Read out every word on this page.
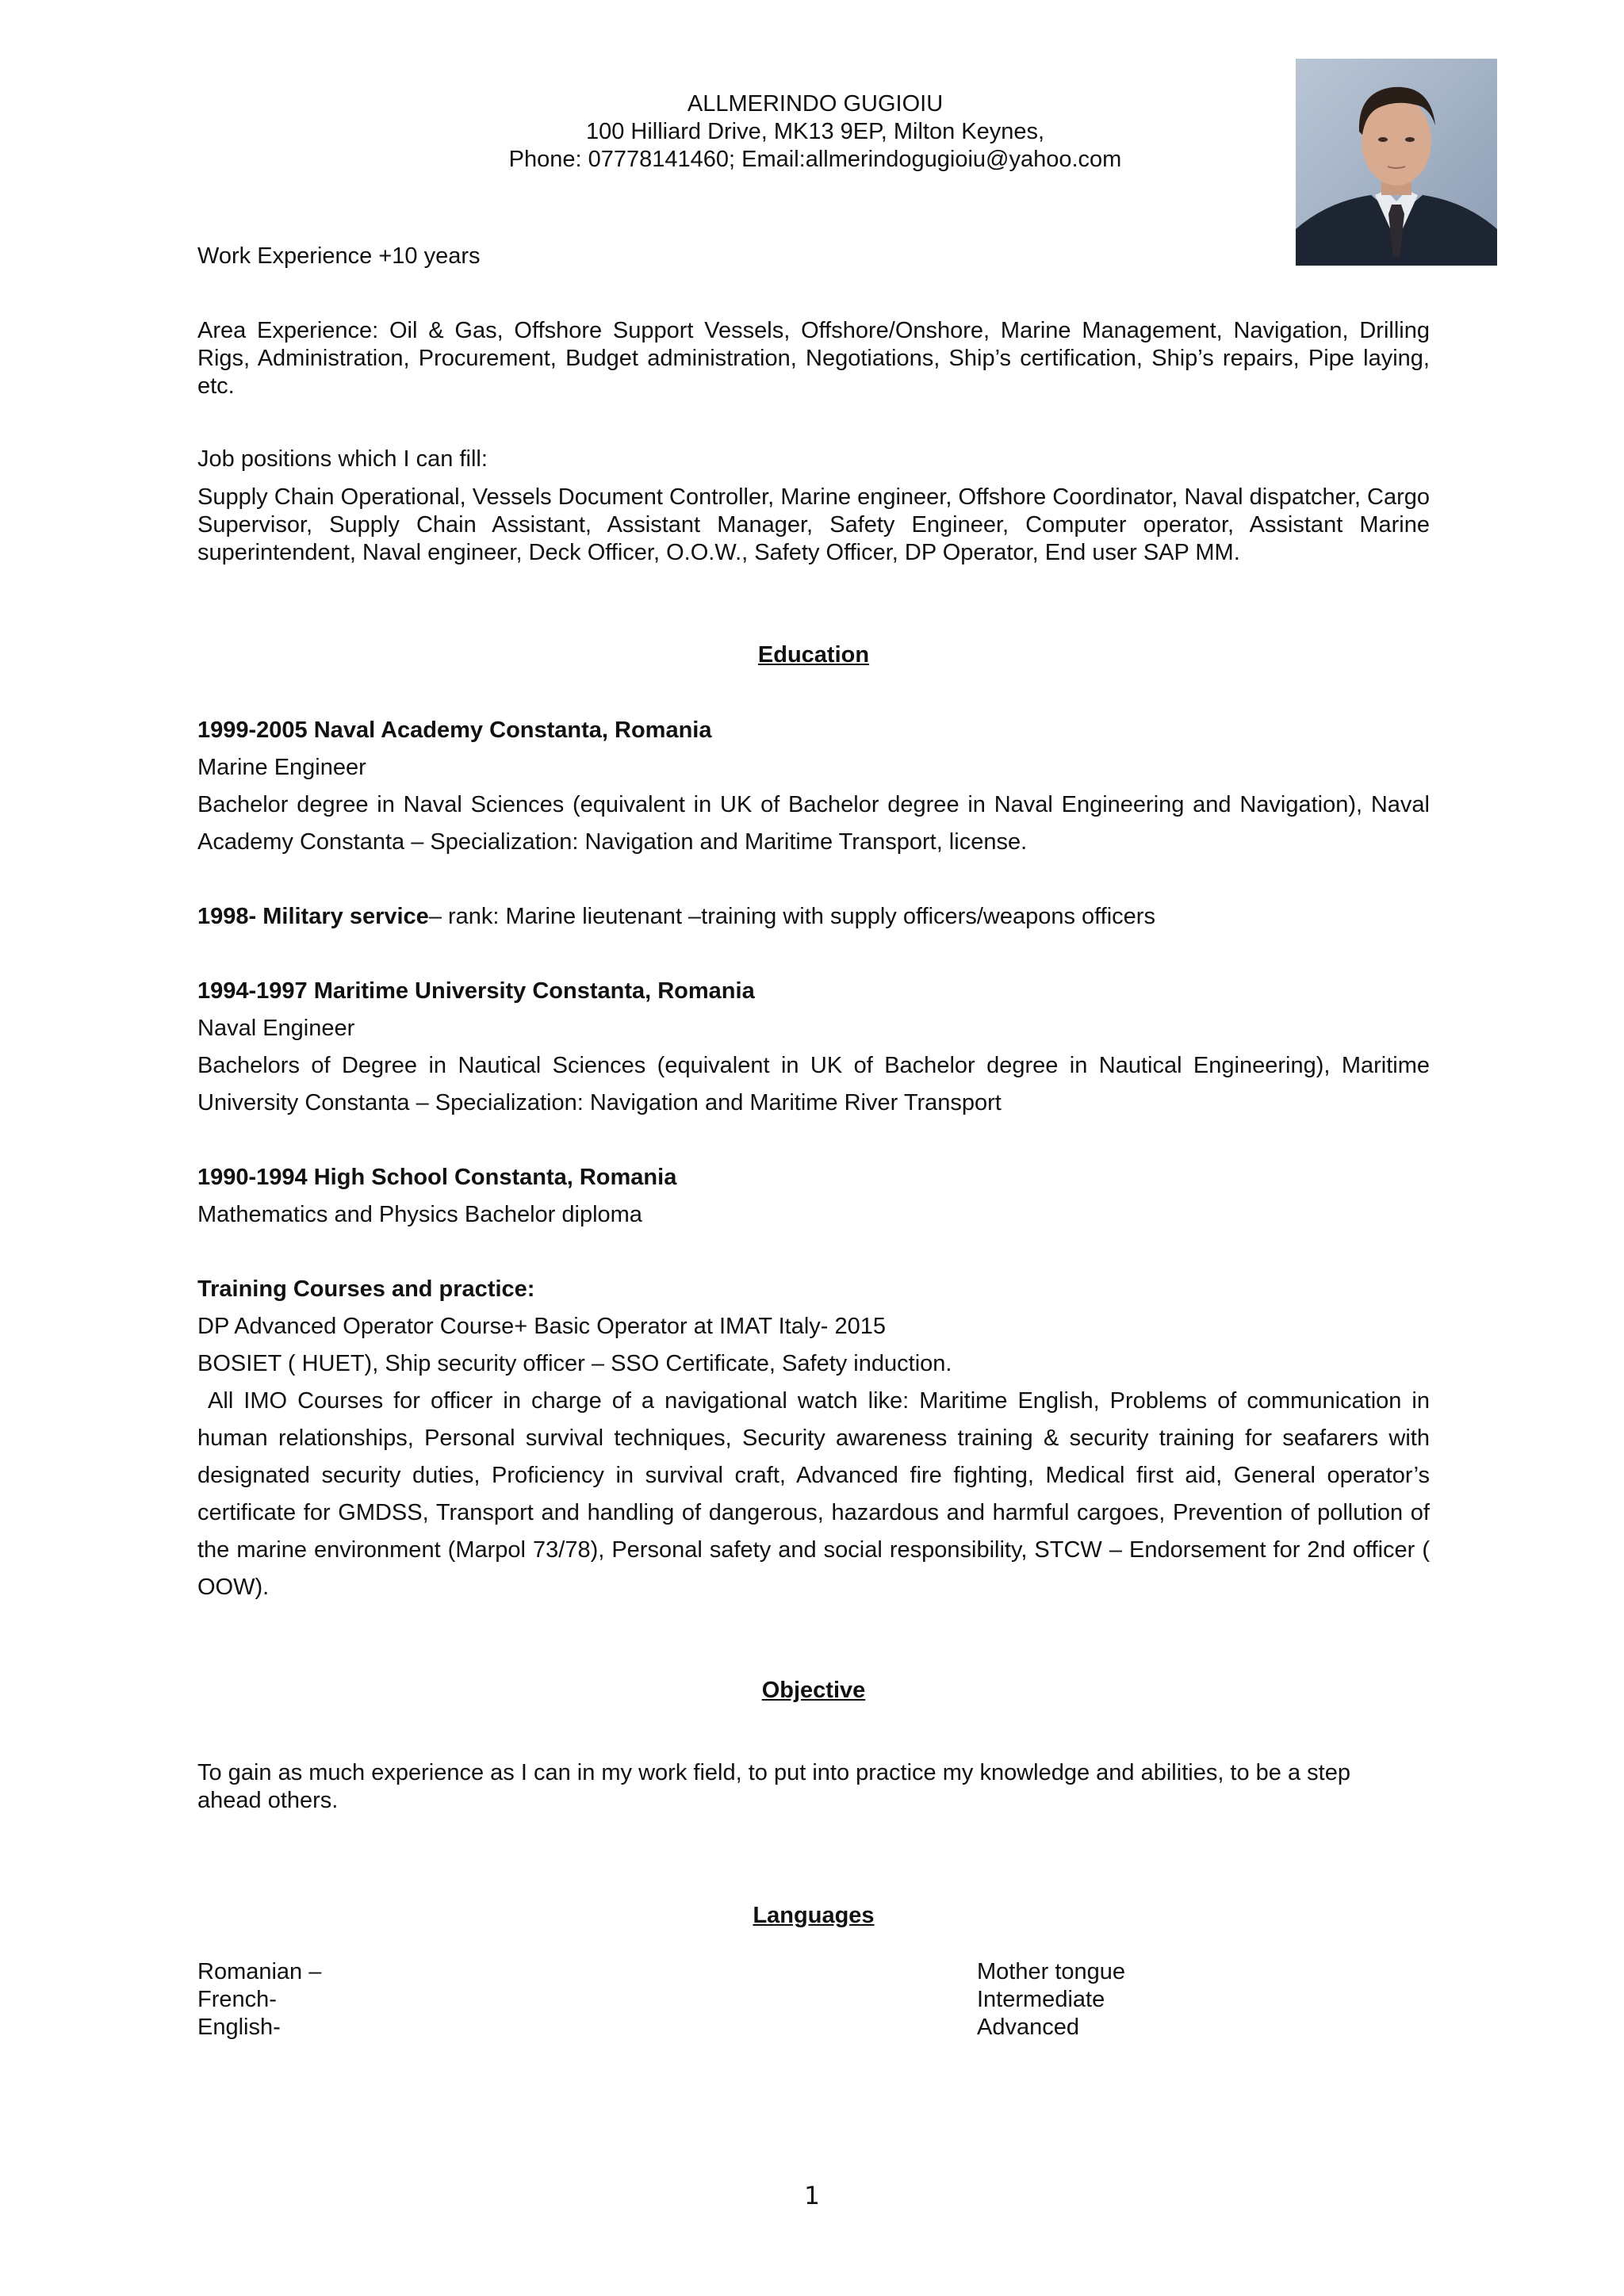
ALLMERINDO GUGIOIU
100 Hilliard Drive, MK13 9EP, Milton Keynes,
Phone: 07778141460; Email:allmerindogugioiu@yahoo.com
Work Experience +10 years
Area Experience: Oil & Gas, Offshore Support Vessels, Offshore/Onshore, Marine Management, Navigation, Drilling Rigs, Administration, Procurement, Budget administration, Negotiations, Ship’s certification, Ship’s repairs, Pipe laying, etc.
Job positions which I can fill:
Supply Chain Operational, Vessels Document Controller, Marine engineer, Offshore Coordinator, Naval dispatcher, Cargo Supervisor, Supply Chain Assistant, Assistant Manager, Safety Engineer, Computer operator, Assistant Marine superintendent, Naval engineer, Deck Officer, O.O.W., Safety Officer, DP Operator, End user SAP MM.
Education

1999-2005 Naval Academy Constanta, Romania

Marine Engineer

Bachelor degree in Naval Sciences (equivalent in UK of Bachelor degree in Naval Engineering and Navigation), Naval Academy Constanta – Specialization: Navigation and Maritime Transport, license.

1998- Military service– rank: Marine lieutenant –training with supply officers/weapons officers

1994-1997 Maritime University Constanta, Romania

Naval Engineer

Bachelors of Degree in Nautical Sciences (equivalent in UK of Bachelor degree in Nautical Engineering), Maritime University Constanta – Specialization: Navigation and Maritime River Transport

1990-1994 High School Constanta, Romania

Mathematics and Physics Bachelor diploma

Training Courses and practice:

DP Advanced Operator Course+ Basic Operator at IMAT Italy- 2015

BOSIET ( HUET), Ship security officer – SSO Certificate, Safety induction.

All IMO Courses for officer in charge of a navigational watch like: Maritime English, Problems of communication in human relationships, Personal survival techniques, Security awareness training & security training for seafarers with designated security duties, Proficiency in survival craft, Advanced fire fighting, Medical first aid, General operator’s certificate for GMDSS, Transport and handling of dangerous, hazardous and harmful cargoes, Prevention of pollution of the marine environment (Marpol 73/78), Personal safety and social responsibility, STCW – Endorsement for 2nd officer ( OOW).

Objective
To gain as much experience as I can in my work field, to put into practice my knowledge and abilities, to be a step ahead others.
Languages
Romanian –	Mother tongue
French-	Intermediate
English-	Advanced
1
